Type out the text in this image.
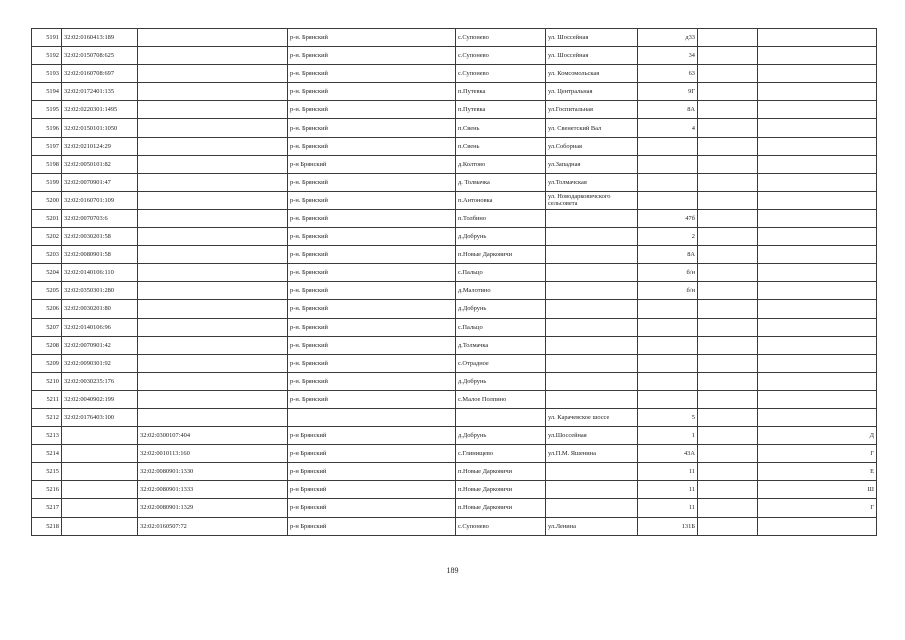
5191	32:02:0160413:189		р-н. Брянский	с.Супонево	ул. Шоссейная	д33		
5192	32:02:0150708:625		р-н. Брянский	с.Супонево	ул. Шоссейная	34		
5193	32:02:0160708:697		р-н. Брянский	с.Супонево	ул. Комсомольская	63		
5194	32:02:0172401:135		р-н. Брянский	п.Путевка	ул. Центральная	9Г		
5195	32:02:0220301:1495		р-н. Брянский	п.Путевка	ул.Госпитальная	8А		
5196	32:02:0150101:1050		р-н. Брянский	п.Свень	ул. Свенетский Вал	4		
5197	32:02:0210124:29		р-н. Брянский	п.Свень	ул.Соборная			
5198	32:02:0050101:82		р-н Брянский	д.Колтово	ул.Западная			
5199	32:02:0070901:47		р-н. Брянский	д. Толмачка	ул.Толмачская			
5200	32:02:0160701:109		р-н. Брянский	п.Антоновка	ул. Новодарковичского сельсовета			
5201	32:02:0070703:6		р-н. Брянский	п.Толбино		47б		
5202	32:02:0030201:58		р-н. Брянский	д.Добрунь		2		
5203	32:02:0080901:58		р-н. Брянский	п.Новые Дарковичи		8А		
5204	32:02:0140106:110		р-н. Брянский	с.Пальцо		б/н		
5205	32:02:0350301:280		р-н. Брянский	д.Малотино		б/н		
5206	32:02:0030201:80		р-н. Брянский	д.Добрунь				
5207	32:02:0140106:96		р-н. Брянский	с.Пальцо				
5208	32:02:0070901:42		р-н. Брянский	д.Толмачка				
5209	32:02:0090301:92		р-н. Брянский	с.Отрадное				
5210	32:02:0030235:176		р-н. Брянский	д.Добрунь				
5211	32:02:0040902:199		р-н. Брянский	с.Малое Полпино				
5212	32:02:0176403:100				ул. Карачевское шоссе	5		
5213		32:02:0300107:404	р-н Брянский	д.Добрунь	ул.Шоссейная	1		Д
5214		32:02:0010113:160	р-н Брянский	с.Глинищево	ул.П.М. Яшенина	43А		Г
5215		32:02:0080901:1330	р-н Брянский	п.Новые Дарковичи		11		Е
5216		32:02:0080901:1333	р-н Брянский	п.Новые Дарковичи		11		Ш
5217		32:02:0080901:1329	р-н Брянский	п.Новые Дарковичи		11		Г
5218		32:02:0160507:72	р-н Брянский	с.Супонево	ул.Ленина	131Б		
189
